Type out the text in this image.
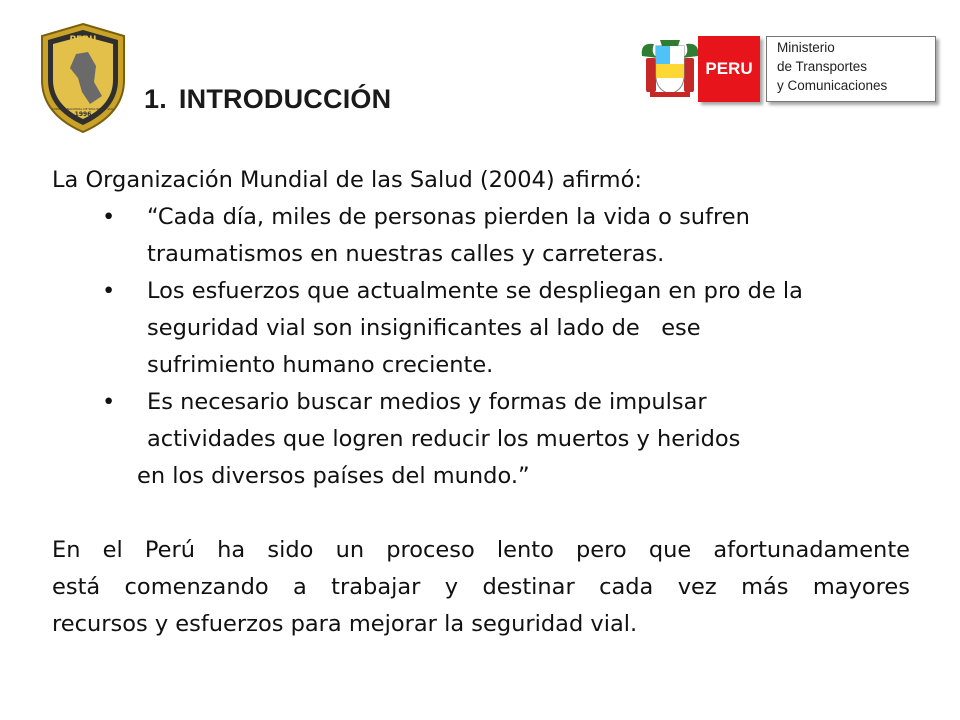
PERU
1996
CONSEJO NACIONAL DE SEGURIDAD VIAL 1. INTRODUCCIÓN
PERU
Ministerio
de Transportes
y Comunicaciones

La Organización Mundial de las Salud (2004) afirmó:

• “Cada día, miles de personas pierden la vida o sufren
traumatismos en nuestras calles y carreteras.
• Los esfuerzos que actualmente se despliegan en pro de la
seguridad vial son insignificantes al lado de   ese
sufrimiento humano creciente.
• Es necesario buscar medios y formas de impulsar
actividades que logren reducir los muertos y heridos
en los diversos países del mundo.”

En el Perú ha sido un proceso lento pero que afortunadamente
está comenzando a trabajar y destinar cada vez más mayores
recursos y esfuerzos para mejorar la seguridad vial.
